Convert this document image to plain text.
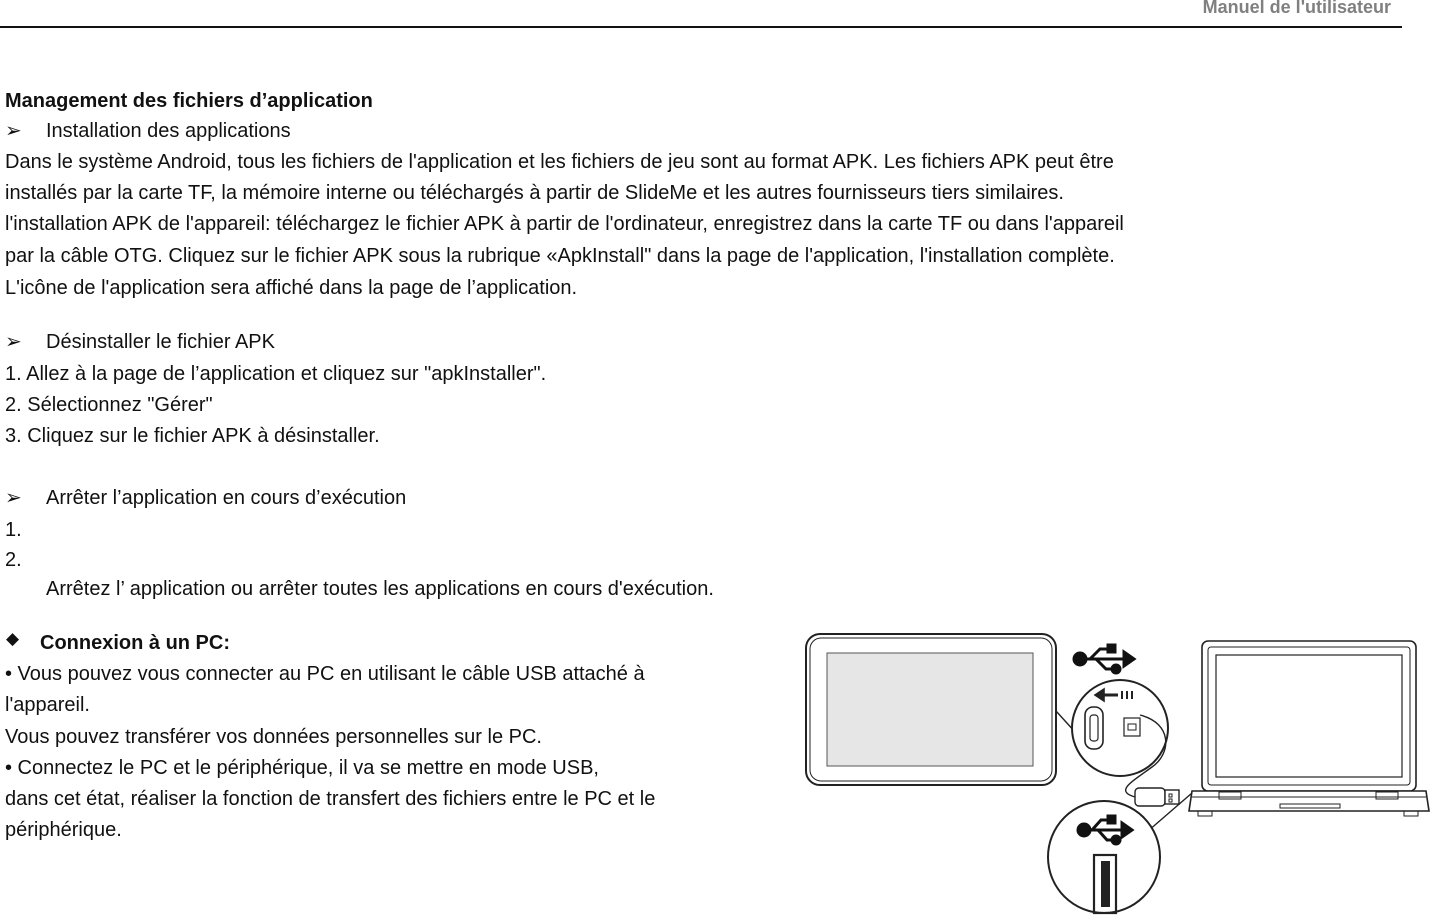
Manuel de l'utilisateur
Management des fichiers d’application
➢ Installation des applications
Dans le système Android, tous les fichiers de l'application et les fichiers de jeu sont au format APK. Les fichiers APK peut être
installés par la carte TF, la mémoire interne ou téléchargés à partir de SlideMe et les autres fournisseurs tiers similaires.
l'installation APK de l'appareil: téléchargez le fichier APK à partir de l'ordinateur, enregistrez dans la carte TF ou dans l'appareil
par la câble OTG. Cliquez sur le fichier APK sous la rubrique «ApkInstall" dans la page de l'application, l'installation complète.
L'icône de l'application sera affiché dans la page de l’application.
➢ Désinstaller le fichier APK
1. Allez à la page de l’application et cliquez sur "apkInstaller".
2. Sélectionnez "Gérer"
3. Cliquez sur le fichier APK à désinstaller.
➢ Arrêter l’application en cours d’exécution
1.
2.
Arrêtez l’ application ou arrêter toutes les applications en cours d'exécution.
◆ Connexion à un PC:
• Vous pouvez vous connecter au PC en utilisant le câble USB attaché à
l'appareil.
Vous pouvez transférer vos données personnelles sur le PC.
• Connectez le PC et le périphérique, il va se mettre en mode USB,
dans cet état, réaliser la fonction de transfert des fichiers entre le PC et le
périphérique.
